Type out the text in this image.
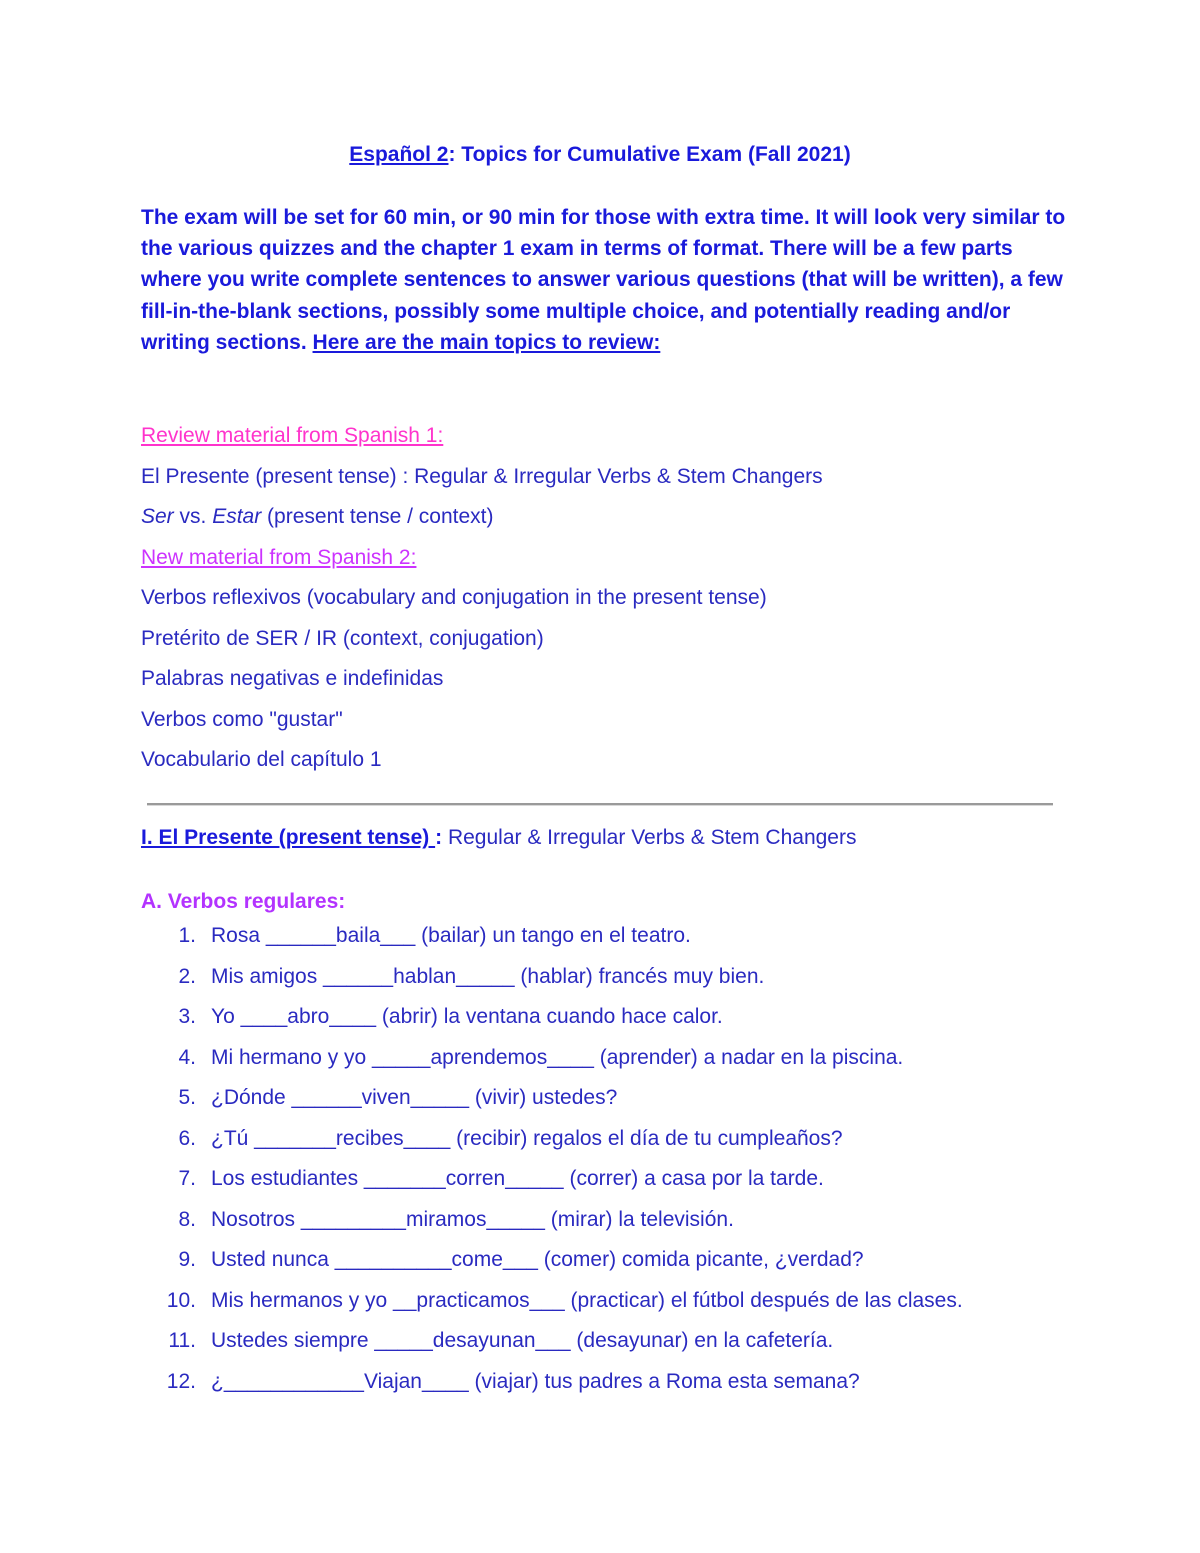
Español 2: Topics for Cumulative Exam (Fall 2021)

The exam will be set for 60 min, or 90 min for those with extra time. It will look very similar to the various quizzes and the chapter 1 exam in terms of format. There will be a few parts where you write complete sentences to answer various questions (that will be written), a few fill-in-the-blank sections, possibly some multiple choice, and potentially reading and/or writing sections. Here are the main topics to review:

Review material from Spanish 1:
El Presente (present tense) : Regular & Irregular Verbs & Stem Changers
Ser vs. Estar (present tense / context)
New material from Spanish 2:
Verbos reflexivos (vocabulary and conjugation in the present tense)
Pretérito de SER / IR (context, conjugation)
Palabras negativas e indefinidas
Verbos como "gustar"
Vocabulario del capítulo 1
I. El Presente (present tense) : Regular & Irregular Verbs & Stem Changers
A. Verbos regulares:
1. Rosa ______baila___ (bailar) un tango en el teatro.
2. Mis amigos ______hablan_____ (hablar) francés muy bien.
3. Yo ____abro____ (abrir) la ventana cuando hace calor.
4. Mi hermano y yo _____aprendemos____ (aprender) a nadar en la piscina.
5. ¿Dónde ______viven_____ (vivir) ustedes?
6. ¿Tú _______recibes____ (recibir) regalos el día de tu cumpleaños?
7. Los estudiantes _______corren_____ (correr) a casa por la tarde.
8. Nosotros _________miramos_____ (mirar) la televisión.
9. Usted nunca __________come___ (comer) comida picante, ¿verdad?
10. Mis hermanos y yo __practicamos___ (practicar) el fútbol después de las clases.
11. Ustedes siempre _____desayunan___ (desayunar) en la cafetería.
12. ¿____________Viajan____ (viajar) tus padres a Roma esta semana?
